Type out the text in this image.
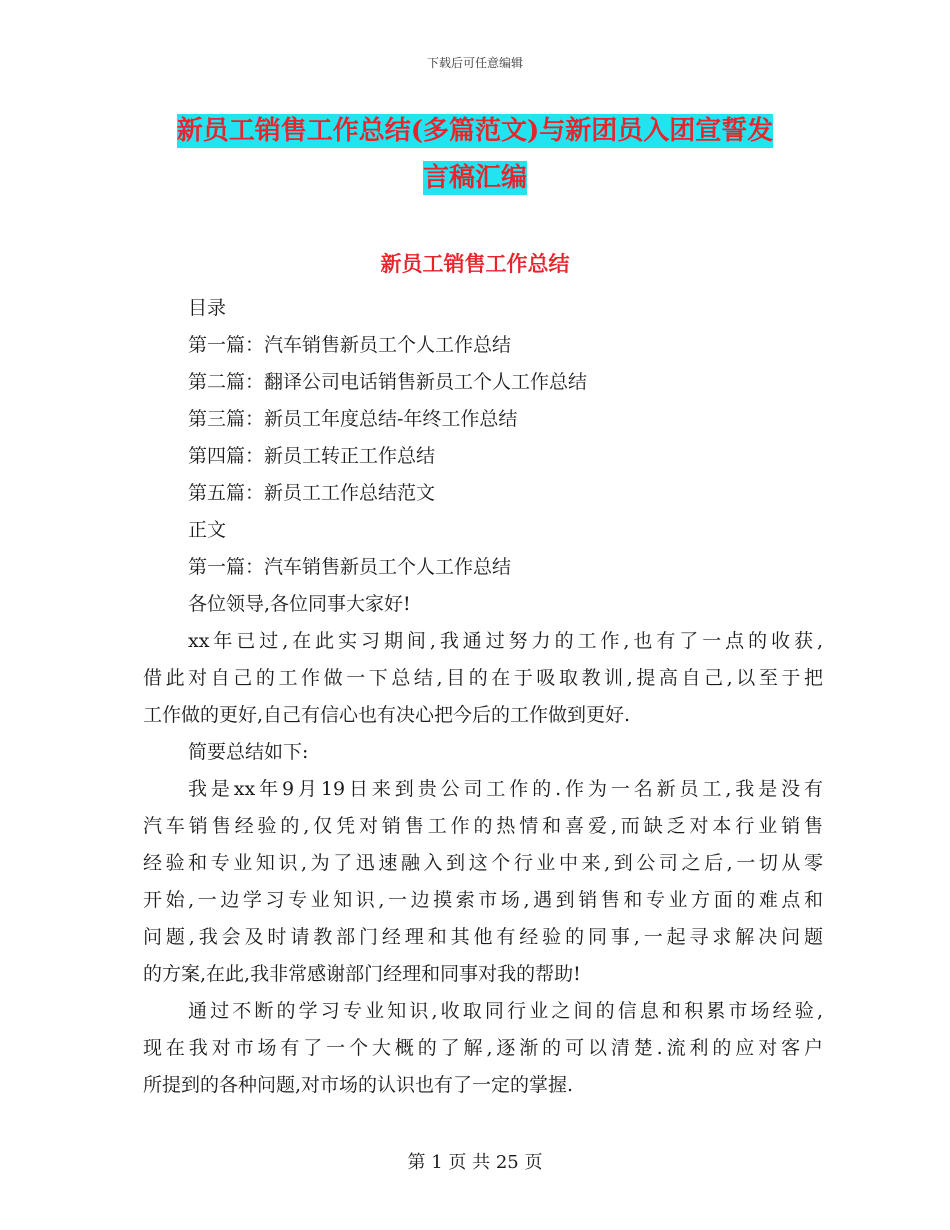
下载后可任意编辑
新员工销售工作总结(多篇范文)与新团员入团宣誓发
言稿汇编
新员工销售工作总结
目录
第一篇：汽车销售新员工个人工作总结
第二篇：翻译公司电话销售新员工个人工作总结
第三篇：新员工年度总结-年终工作总结
第四篇：新员工转正工作总结
第五篇：新员工工作总结范文
正文
第一篇：汽车销售新员工个人工作总结
各位领导,各位同事大家好!
xx年已过,在此实习期间,我通过努力的工作,也有了一点的收获,
借此对自己的工作做一下总结,目的在于吸取教训,提高自己,以至于把
工作做的更好,自己有信心也有决心把今后的工作做到更好.
简要总结如下:
我是xx年9月19日来到贵公司工作的.作为一名新员工,我是没有
汽车销售经验的,仅凭对销售工作的热情和喜爱,而缺乏对本行业销售
经验和专业知识,为了迅速融入到这个行业中来,到公司之后,一切从零
开始,一边学习专业知识,一边摸索市场,遇到销售和专业方面的难点和
问题,我会及时请教部门经理和其他有经验的同事,一起寻求解决问题
的方案,在此,我非常感谢部门经理和同事对我的帮助!
通过不断的学习专业知识,收取同行业之间的信息和积累市场经验,
现在我对市场有了一个大概的了解,逐渐的可以清楚.流利的应对客户
所提到的各种问题,对市场的认识也有了一定的掌握.
第 1 页 共 25 页
